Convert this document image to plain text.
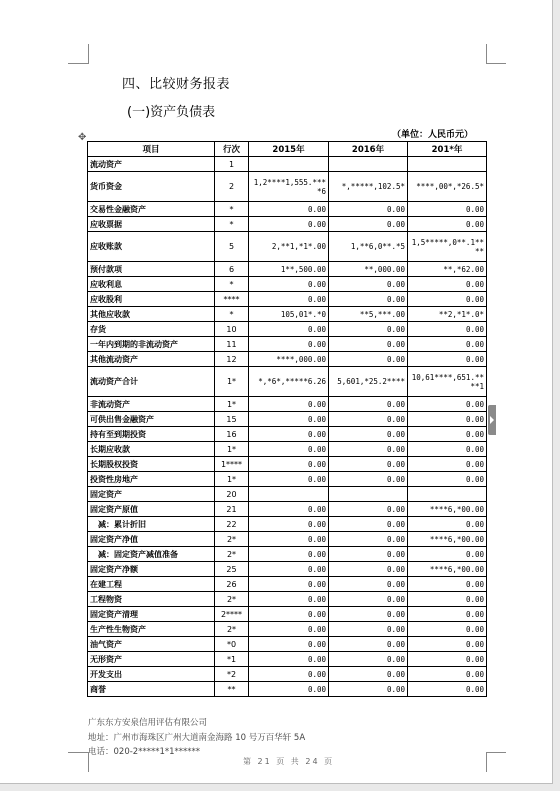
四、比较财务报表
(一)资产负债表
（单位：人民币元）
✥
项目	行次	2015年	2016年	201*年
流动资产	1			
货币资金	2	1,2****1,555.****6	*,*****,102.5*	****,00*,*26.5*
交易性金融资产	*	0.00	0.00	0.00
应收票据	*	0.00	0.00	0.00
应收账款	5	2,**1,*1*.00	1,**6,0**.*5	1,5*****,0**.1****
预付款项	6	1**,500.00	**,000.00	**,*62.00
应收利息	*	0.00	0.00	0.00
应收股利	****	0.00	0.00	0.00
其他应收款	*	105,01*.*0	**5,***.00	**2,*1*.0*
存货	10	0.00	0.00	0.00
一年内到期的非流动资产	11	0.00	0.00	0.00
其他流动资产	12	****,000.00	0.00	0.00
流动资产合计	1*	*,*6*,*****6.26	5,601,*25.2****	10,61****,651.****1
非流动资产	1*	0.00	0.00	0.00
可供出售金融资产	15	0.00	0.00	0.00
持有至到期投资	16	0.00	0.00	0.00
长期应收款	1*	0.00	0.00	0.00
长期股权投资	1****	0.00	0.00	0.00
投资性房地产	1*	0.00	0.00	0.00
固定资产	20			
固定资产原值	21	0.00	0.00	****6,*00.00
减：累计折旧	22	0.00	0.00	0.00
固定资产净值	2*	0.00	0.00	****6,*00.00
减：固定资产减值准备	2*	0.00	0.00	0.00
固定资产净额	25	0.00	0.00	****6,*00.00
在建工程	26	0.00	0.00	0.00
工程物资	2*	0.00	0.00	0.00
固定资产清理	2****	0.00	0.00	0.00
生产性生物资产	2*	0.00	0.00	0.00
油气资产	*0	0.00	0.00	0.00
无形资产	*1	0.00	0.00	0.00
开发支出	*2	0.00	0.00	0.00
商誉	**	0.00	0.00	0.00
广东东方安泉信用评估有限公司
地址：广州市海珠区广州大道南金海路 10 号万百华轩 5A
电话：020-2*****1*1******
第 21 页 共 24 页
